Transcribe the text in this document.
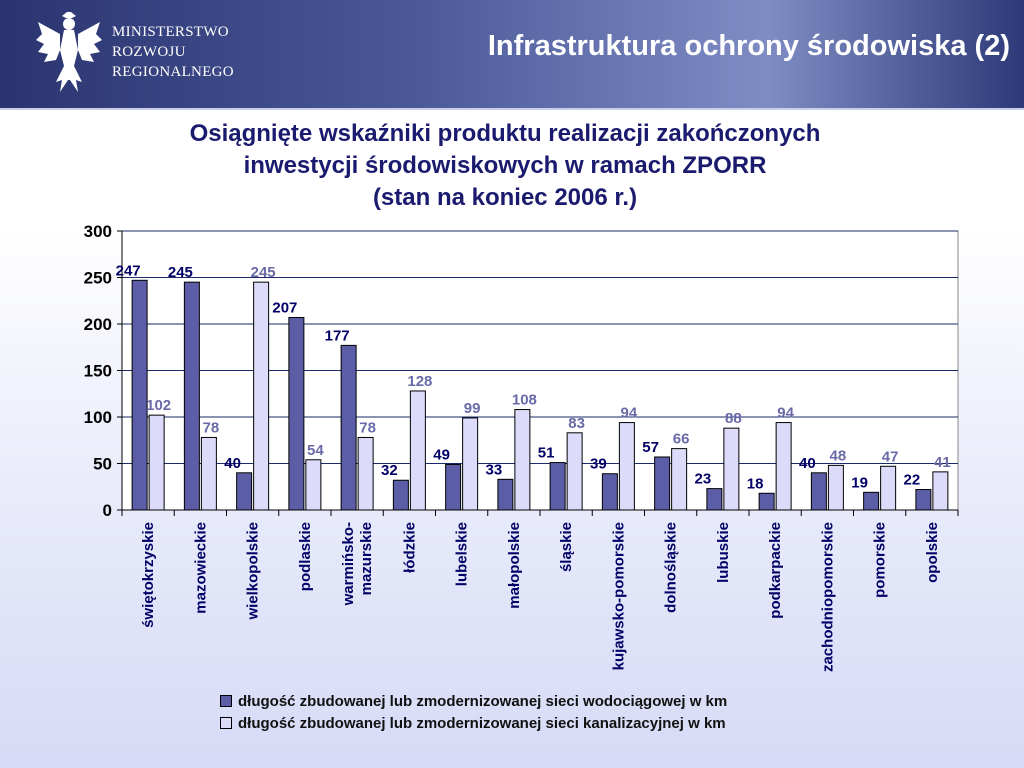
MINISTERSTWO
ROZWOJU
REGIONALNEGO
Infrastruktura ochrony środowiska (2)
Osiągnięte wskaźniki produktu realizacji zakończonych
inwestycji środowiskowych w ramach ZPORR
(stan na koniec 2006 r.)
0
50
100
150
200
250
300
247 245
40
207
177
32
49
33
51
39
57
23 18
40
19 22
102
78
245
54
78
128
99 108
83
94
66
88 94
48 47 41
świętokrzyskie mazowieckie wielkopolskie podlaskie warmińsko- mazurskie łódzkie lubelskie małopolskie śląskie kujawsko-pomorskie dolnośląskie lubuskie podkarpackie zachodniopomorskie pomorskie opolskie
długość zbudowanej lub zmodernizowanej sieci wodociągowej w km
długość zbudowanej lub zmodernizowanej sieci kanalizacyjnej w km
